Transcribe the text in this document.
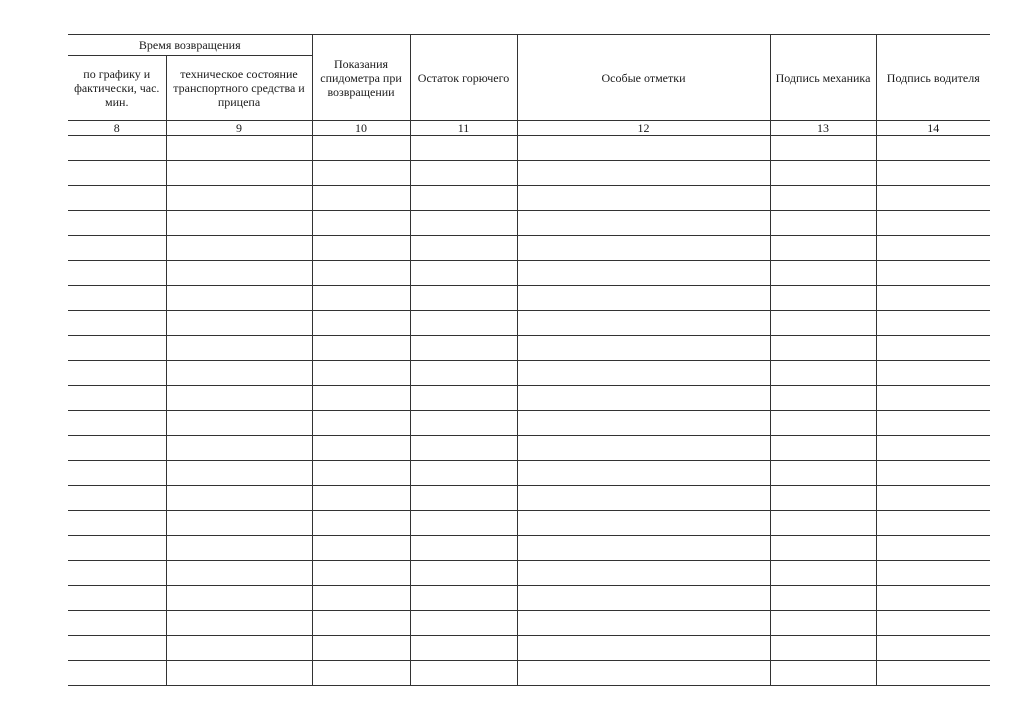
Время возвращения		Показания спидометра при возвращении	Остаток горючего	Особые отметки	Подпись механика	Подпись водителя
по графику и фактически, час. мин.	техническое состояние транспортного средства и прицепа					
8	9	10	11	12	13	14
